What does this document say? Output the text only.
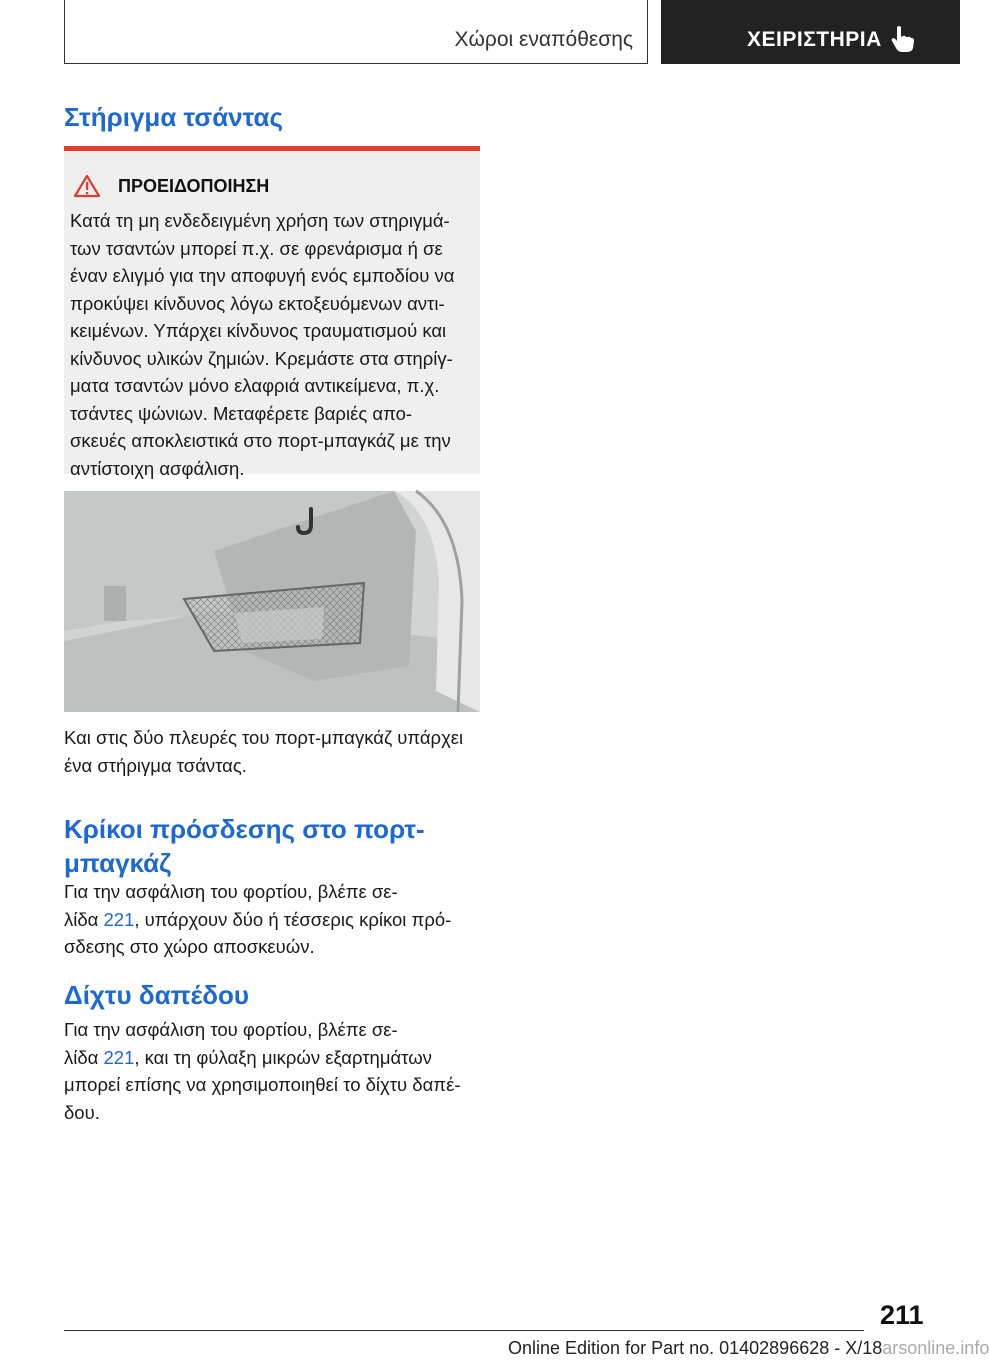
Χώροι εναπόθεσης	ΧΕΙΡΙΣΤΗΡΙΑ
Στήριγμα τσάντας
ΠΡΟΕΙΔΟΠΟΙΗΣΗ
Κατά τη μη ενδεδειγμένη χρήση των στηριγμά-
των τσαντών μπορεί π.χ. σε φρενάρισμα ή σε
έναν ελιγμό για την αποφυγή ενός εμποδίου να
προκύψει κίνδυνος λόγω εκτοξευόμενων αντι-
κειμένων. Υπάρχει κίνδυνος τραυματισμού και
κίνδυνος υλικών ζημιών. Κρεμάστε στα στηρίγ-
ματα τσαντών μόνο ελαφριά αντικείμενα, π.χ.
τσάντες ψώνιων. Μεταφέρετε βαριές απο-
σκευές αποκλειστικά στο πορτ-μπαγκάζ με την
αντίστοιχη ασφάλιση.
Και στις δύο πλευρές του πορτ-μπαγκάζ υπάρχει
ένα στήριγμα τσάντας.
Κρίκοι πρόσδεσης στο πορτ-
μπαγκάζ
Για την ασφάλιση του φορτίου, βλέπε σε-
λίδα 221, υπάρχουν δύο ή τέσσερις κρίκοι πρό-
σδεσης στο χώρο αποσκευών.
Δίχτυ δαπέδου
Για την ασφάλιση του φορτίου, βλέπε σε-
λίδα 221, και τη φύλαξη μικρών εξαρτημάτων
μπορεί επίσης να χρησιμοποιηθεί το δίχτυ δαπέ-
δου.
211
Online Edition for Part no. 01402896628 - X/18arsonline.info
